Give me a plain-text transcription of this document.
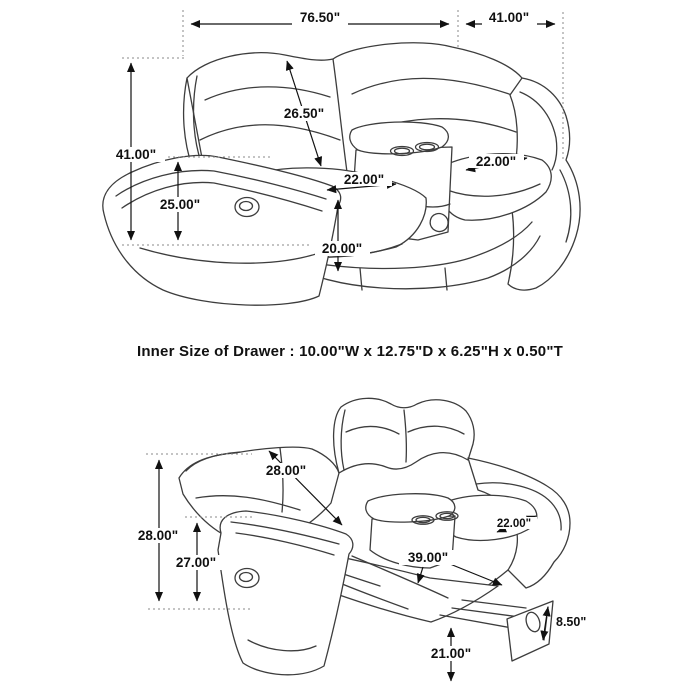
76.50"	41.00"
41.00"
25.00"
26.50"
22.00"
22.00"
20.00"
Inner Size of Drawer : 10.00"W x 12.75"D x 6.25"H x 0.50"T
28.00"
27.00"
28.00"
39.00"
22.00"
8.50"
21.00"
